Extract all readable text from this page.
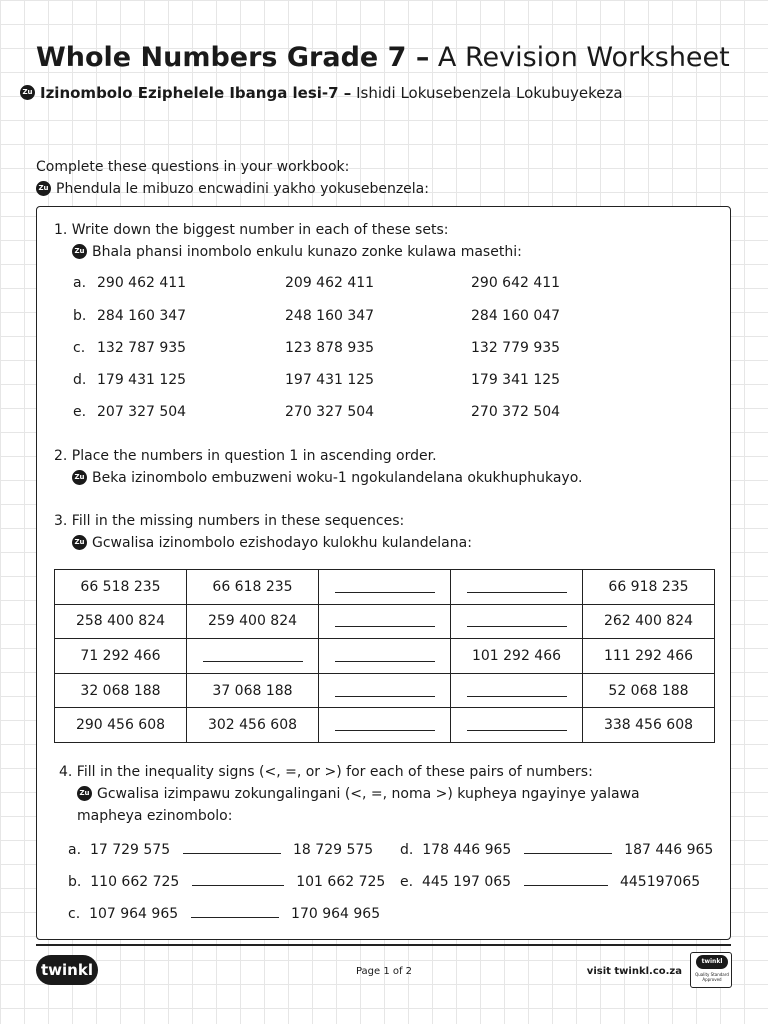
Whole Numbers Grade 7 – A Revision Worksheet
Zu Izinombolo Eziphelele Ibanga lesi-7 – Ishidi Lokusebenzela Lokubuyekeza
Complete these questions in your workbook:
Zu Phendula le mibuzo encwadini yakho yokusebenzela:
1. Write down the biggest number in each of these sets:
Zu Bhala phansi inombolo enkulu kunazo zonke kulawa masethi:
a. 290 462 411	209 462 411	290 642 411
b. 284 160 347	248 160 347	284 160 047
c. 132 787 935	123 878 935	132 779 935
d. 179 431 125	197 431 125	179 341 125
e. 207 327 504	270 327 504	270 372 504
2. Place the numbers in question 1 in ascending order.
Zu Beka izinombolo embuzweni woku-1 ngokulandelana okukhuphukayo.
3. Fill in the missing numbers in these sequences:
Zu Gcwalisa izinombolo ezishodayo kulokhu kulandelana:
66 518 235	66 618 235			66 918 235
258 400 824	259 400 824			262 400 824
71 292 466			101 292 466	111 292 466
32 068 188	37 068 188			52 068 188
290 456 608	302 456 608			338 456 608
4. Fill in the inequality signs (<, =, or >) for each of these pairs of numbers:
Zu Gcwalisa izimpawu zokungalingani (<, =, noma >) kupheya ngayinye yalawa
mapheya ezinombolo:
a. 17 729 575	18 729 575
b. 110 662 725	101 662 725
c. 107 964 965	170 964 965
d. 178 446 965	187 446 965
e. 445 197 065	445197065
twinkl	Page 1 of 2	visit twinkl.co.za
twinkl
Quality Standard Approved
